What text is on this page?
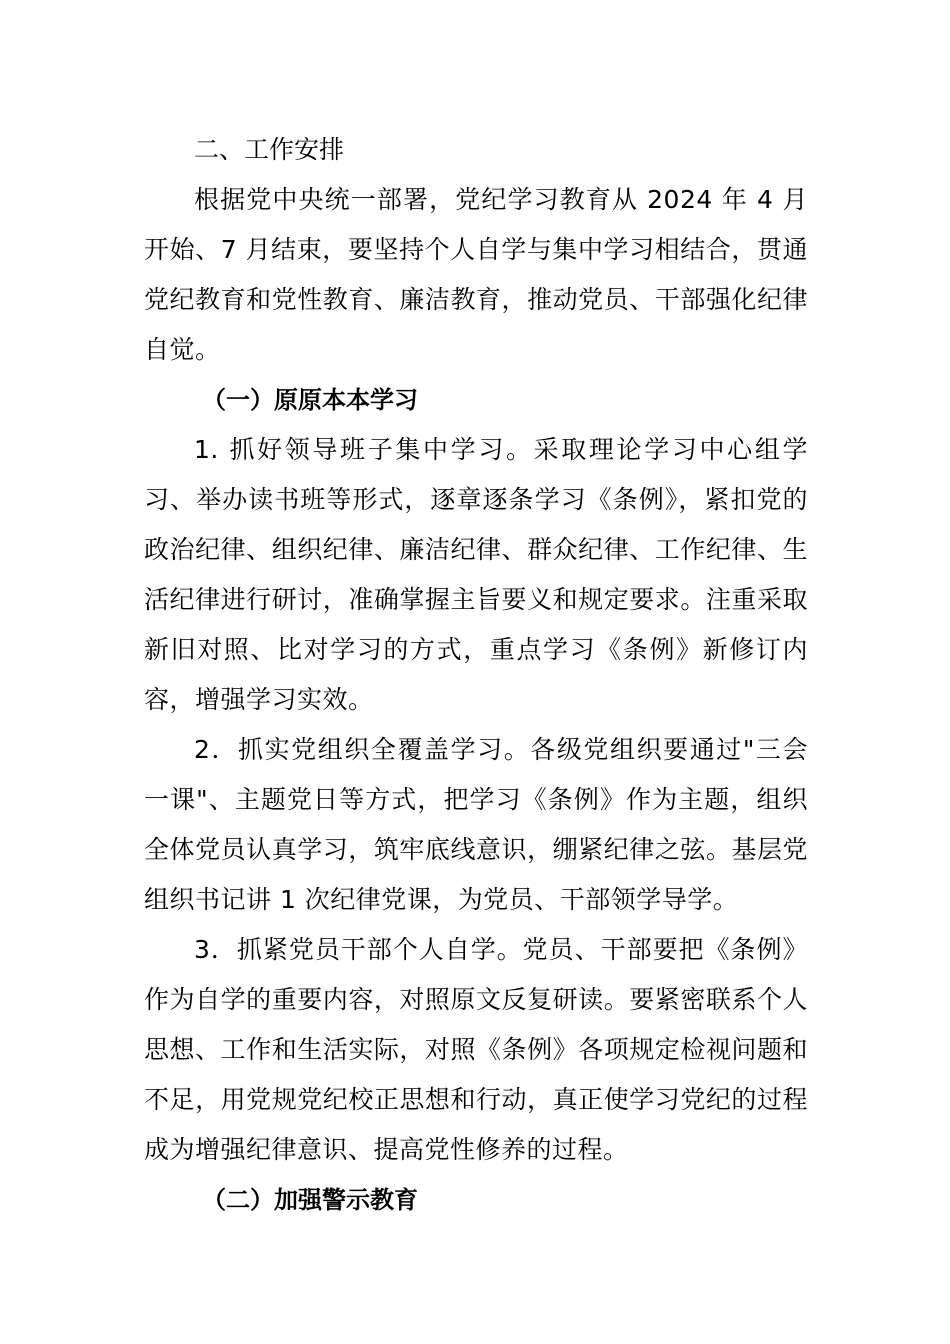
二、工作安排

根据党中央统一部署，党纪学习教育从 2024 年 4 月开始、7 月结束，要坚持个人自学与集中学习相结合，贯通党纪教育和党性教育、廉洁教育，推动党员、干部强化纪律自觉。

（一）原原本本学习

1. 抓好领导班子集中学习。采取理论学习中心组学习、举办读书班等形式，逐章逐条学习《条例》，紧扣党的政治纪律、组织纪律、廉洁纪律、群众纪律、工作纪律、生活纪律进行研讨，准确掌握主旨要义和规定要求。注重采取新旧对照、比对学习的方式，重点学习《条例》新修订内容，增强学习实效。

2．抓实党组织全覆盖学习。各级党组织要通过"三会一课"、主题党日等方式，把学习《条例》作为主题，组织全体党员认真学习，筑牢底线意识，绷紧纪律之弦。基层党组织书记讲 1 次纪律党课，为党员、干部领学导学。

3．抓紧党员干部个人自学。党员、干部要把《条例》作为自学的重要内容，对照原文反复研读。要紧密联系个人思想、工作和生活实际，对照《条例》各项规定检视问题和不足，用党规党纪校正思想和行动，真正使学习党纪的过程成为增强纪律意识、提高党性修养的过程。

（二）加强警示教育
